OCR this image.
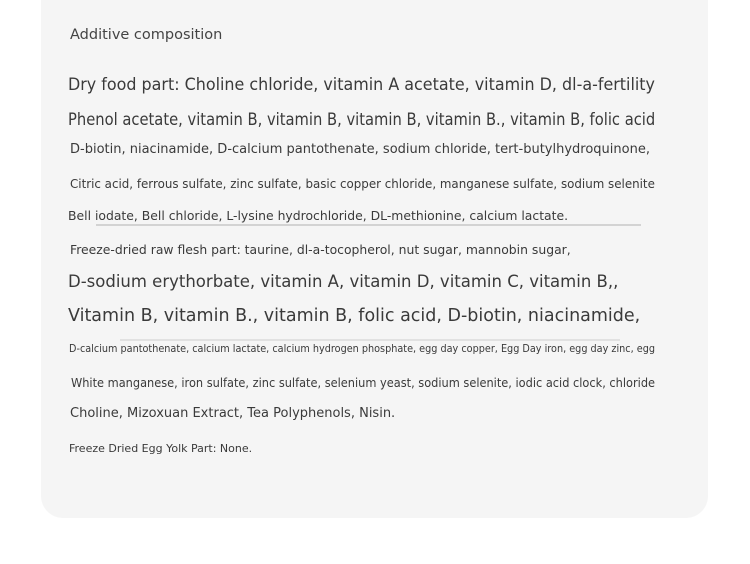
Additive composition
Dry food part: Choline chloride, vitamin A acetate, vitamin D, dl-a-fertility
Phenol acetate, vitamin B, vitamin B, vitamin B, vitamin B., vitamin B, folic acid
D-biotin, niacinamide, D-calcium pantothenate, sodium chloride, tert-butylhydroquinone,
Citric acid, ferrous sulfate, zinc sulfate, basic copper chloride, manganese sulfate, sodium selenite
Bell iodate, Bell chloride, L-lysine hydrochloride, DL-methionine, calcium lactate.
Freeze-dried raw flesh part: taurine, dl-a-tocopherol, nut sugar, mannobin sugar,
D-sodium erythorbate, vitamin A, vitamin D, vitamin C, vitamin B,,
Vitamin B, vitamin B., vitamin B, folic acid, D-biotin, niacinamide,
D-calcium pantothenate, calcium lactate, calcium hydrogen phosphate, egg day copper, Egg Day iron, egg day zinc, egg
White manganese, iron sulfate, zinc sulfate, selenium yeast, sodium selenite, iodic acid clock, chloride
Choline, Mizoxuan Extract, Tea Polyphenols, Nisin.
Freeze Dried Egg Yolk Part: None.
